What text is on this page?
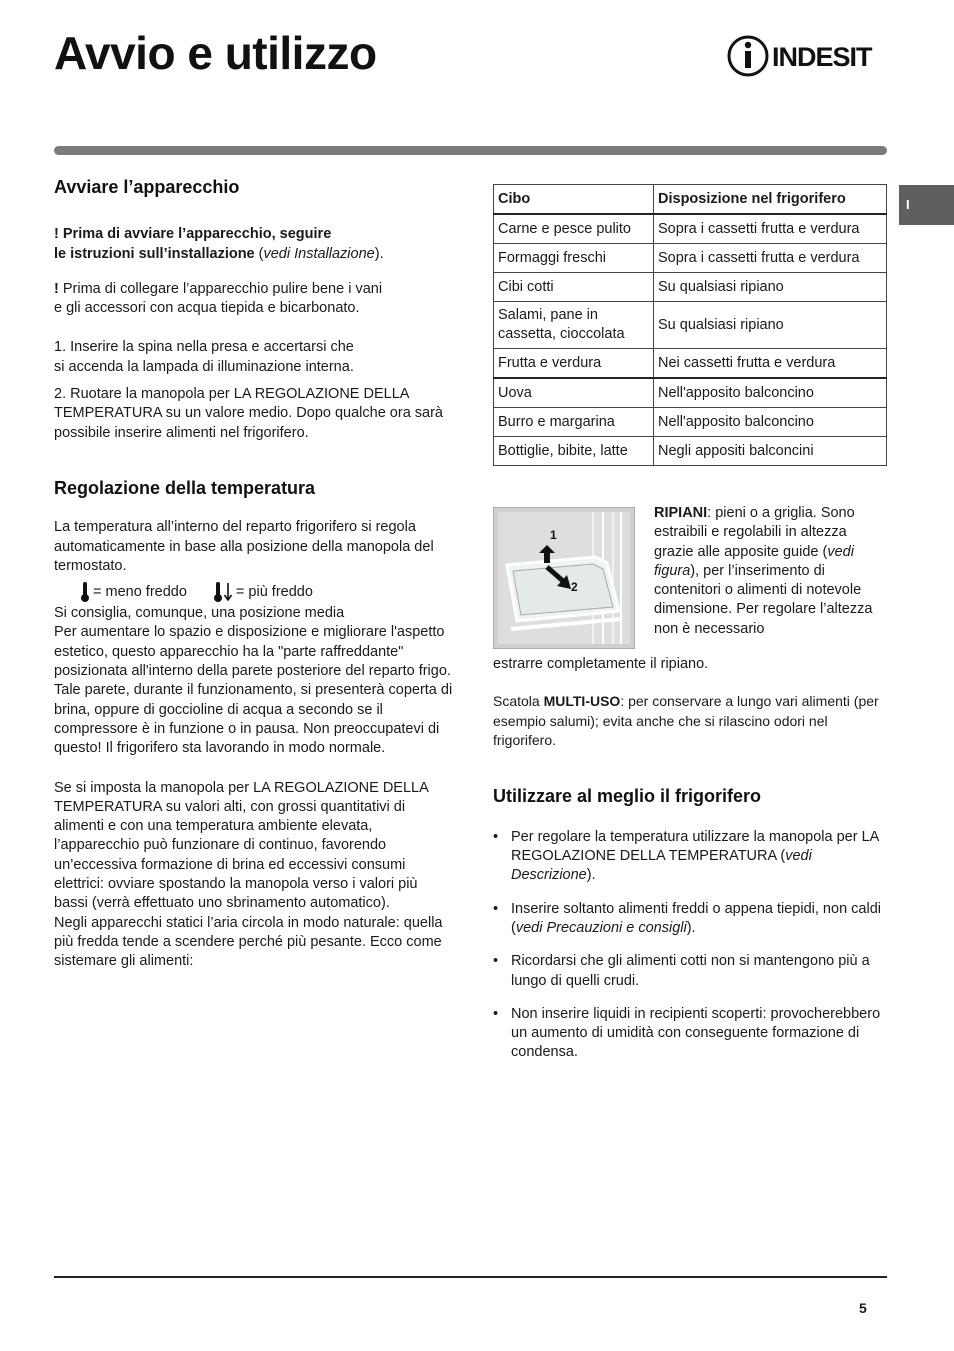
Avvio e utilizzo	INDESIT
I
Avviare l’apparecchio

! Prima di avviare l’apparecchio, seguire
le istruzioni sull’installazione (vedi Installazione).

! Prima di collegare l’apparecchio pulire bene i vani
e gli accessori con acqua tiepida e bicarbonato.

1. Inserire la spina nella presa e accertarsi che
si accenda la lampada di illuminazione interna.

2. Ruotare la manopola per LA REGOLAZIONE DELLA TEMPERATURA su un valore medio. Dopo qualche ora sarà possibile inserire alimenti nel frigorifero.

Regolazione della temperatura

La temperatura all’interno del reparto frigorifero si regola automaticamente in base alla posizione della manopola del termostato.

= meno freddo	= più freddo

Si consiglia, comunque, una posizione media

Per aumentare lo spazio e disposizione e migliorare l'aspetto estetico, questo apparecchio ha la "parte raffreddante" posizionata all'interno della parete posteriore del reparto frigo. Tale parete, durante il funzionamento, si presenterà coperta di brina, oppure di goccioline di acqua a secondo se il compressore è in funzione o in pausa. Non preoccupatevi di questo! Il frigorifero sta lavorando in modo normale.

Se si imposta la manopola per LA REGOLAZIONE DELLA TEMPERATURA su valori alti, con grossi quantitativi di alimenti e con una temperatura ambiente elevata, l’apparecchio può funzionare di continuo, favorendo un’eccessiva formazione di brina ed eccessivi consumi elettrici: ovviare spostando la manopola verso i valori più bassi (verrà effettuato uno sbrinamento automatico).

Negli apparecchi statici l’aria circola in modo naturale: quella più fredda tende a scendere perché più pesante. Ecco come sistemare gli alimenti:

Cibo	Disposizione nel frigorifero
Carne e pesce pulito	Sopra i cassetti frutta e verdura
Formaggi freschi	Sopra i cassetti frutta e verdura
Cibi cotti	Su qualsiasi ripiano
Salami, pane in cassetta, cioccolata	Su qualsiasi ripiano
Frutta e verdura	Nei cassetti frutta e verdura
Uova	Nell'apposito balconcino
Burro e margarina	Nell'apposito balconcino
Bottiglie, bibite, latte	Negli appositi balconcini
1
2

RIPIANI: pieni o a griglia. Sono estraibili e regolabili in altezza grazie alle apposite guide (vedi figura), per l’inserimento di contenitori o alimenti di notevole dimensione. Per regolare l’altezza non è necessario

estrarre completamente il ripiano.

Scatola MULTI-USO: per conservare a lungo vari alimenti (per esempio salumi); evita anche che si rilascino odori nel frigorifero.

Utilizzare al meglio il frigorifero
• Per regolare la temperatura utilizzare la manopola per LA REGOLAZIONE DELLA TEMPERATURA (vedi Descrizione).
• Inserire soltanto alimenti freddi o appena tiepidi, non caldi (vedi Precauzioni e consigli).
• Ricordarsi che gli alimenti cotti non si mantengono più a lungo di quelli crudi.
• Non inserire liquidi in recipienti scoperti: provocherebbero un aumento di umidità con conseguente formazione di condensa.
5
